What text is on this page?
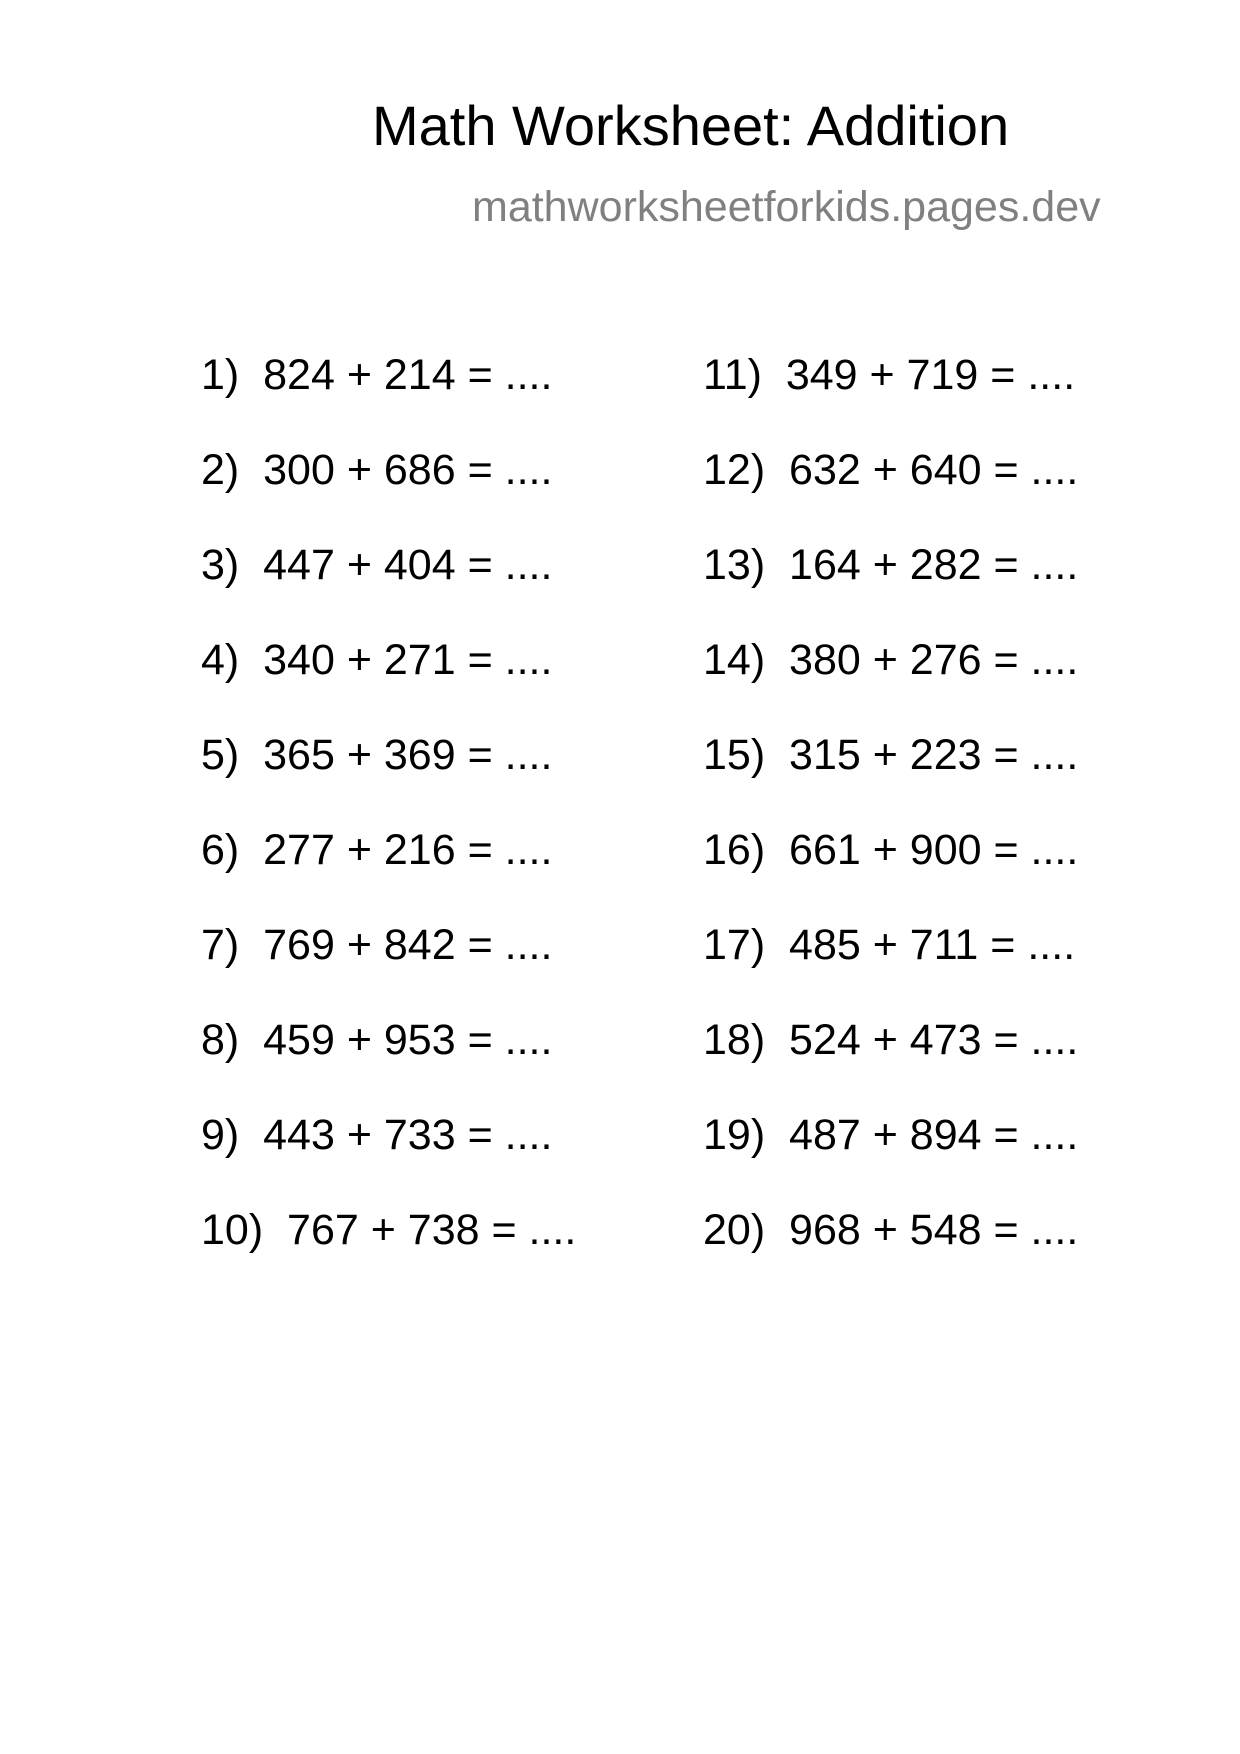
Math Worksheet: Addition
mathworksheetforkids.pages.dev
1)  824 + 214 = ....
2)  300 + 686 = ....
3)  447 + 404 = ....
4)  340 + 271 = ....
5)  365 + 369 = ....
6)  277 + 216 = ....
7)  769 + 842 = ....
8)  459 + 953 = ....
9)  443 + 733 = ....
10)  767 + 738 = ....
11)  349 + 719 = ....
12)  632 + 640 = ....
13)  164 + 282 = ....
14)  380 + 276 = ....
15)  315 + 223 = ....
16)  661 + 900 = ....
17)  485 + 711 = ....
18)  524 + 473 = ....
19)  487 + 894 = ....
20)  968 + 548 = ....
